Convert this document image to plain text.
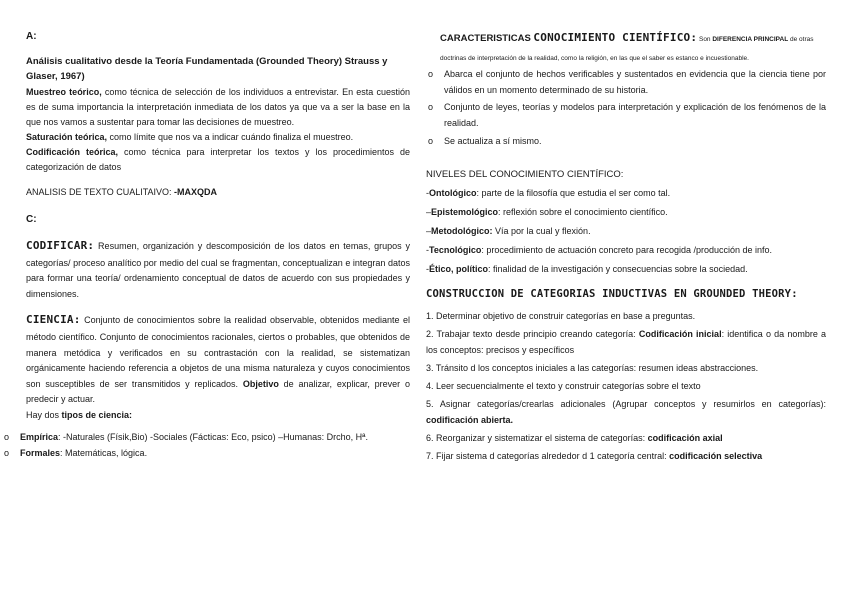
A:

Análisis cualitativo desde la Teoría Fundamentada (Grounded Theory) Strauss y Glaser, 1967)

Muestreo teórico, como técnica de selección de los individuos a entrevistar. En esta cuestión es de suma importancia la interpretación inmediata de los datos ya que va a ser la base en la que nos vamos a sustentar para tomar las decisiones de muestreo.

Saturación teórica, como límite que nos va a indicar cuándo finaliza el muestreo.

Codificación teórica, como técnica para interpretar los textos y los procedimientos de categorización de datos

ANALISIS DE TEXTO CUALITAIVO: -MAXQDA

C:

CODIFICAR: Resumen, organización y descomposición de los datos en temas, grupos y categorías/ proceso analítico por medio del cual se fragmentan, conceptualizan e integran datos para formar una teoría/ ordenamiento conceptual de datos de acuerdo con sus propiedades y dimensiones.

CIENCIA: Conjunto de conocimientos sobre la realidad observable, obtenidos mediante el método científico. Conjunto de conocimientos racionales, ciertos o probables, que obtenidos de manera metódica y verificados en su contrastación con la realidad, se sistematizan orgánicamente haciendo referencia a objetos de una misma naturaleza y cuyos conocimientos son susceptibles de ser transmitidos y replicados. Objetivo de analizar, explicar, prever o predecir y actuar.

Hay dos tipos de ciencia:

o Empírica: -Naturales (Físik,Bio) -Sociales (Fácticas: Eco, psico) –Humanas: Drcho, Hª.
o Formales: Matemáticas, lógica.

CARACTERISTICAS CONOCIMIENTO CIENTÍFICO: Son DIFERENCIA PRINCIPAL de otras doctrinas de interpretación de la realidad, como la religión, en las que el saber es estanco e incuestionable.

o Abarca el conjunto de hechos verificables y sustentados en evidencia que la ciencia tiene por válidos en un momento determinado de su historia.
o Conjunto de leyes, teorías y modelos para interpretación y explicación de los fenómenos de la realidad.
o Se actualiza a sí mismo.

NIVELES DEL CONOCIMIENTO CIENTÍFICO:

-Ontológico: parte de la filosofía que estudia el ser como tal.

–Epistemológico: reflexión sobre el conocimiento científico.

–Metodológico: Vía por la cual y flexión.

-Tecnológico: procedimiento de actuación concreto para recogida /producción de info.

-Ético, político: finalidad de la investigación y consecuencias sobre la sociedad.

CONSTRUCCION DE CATEGORIAS INDUCTIVAS EN GROUNDED THEORY:

1. Determinar objetivo de construir categorías en base a preguntas.

2. Trabajar texto desde principio creando categoría: Codificación inicial: identifica o da nombre a los conceptos: precisos y específicos

3. Tránsito d los conceptos iniciales a las categorías: resumen ideas abstracciones.

4. Leer secuencialmente el texto y construir categorías sobre el texto

5. Asignar categorías/crearlas adicionales (Agrupar conceptos y resumirlos en categorías): codificación abierta.

6. Reorganizar y sistematizar el sistema de categorías: codificación axial

7. Fijar sistema d categorías alrededor d 1 categoría central: codificación selectiva
